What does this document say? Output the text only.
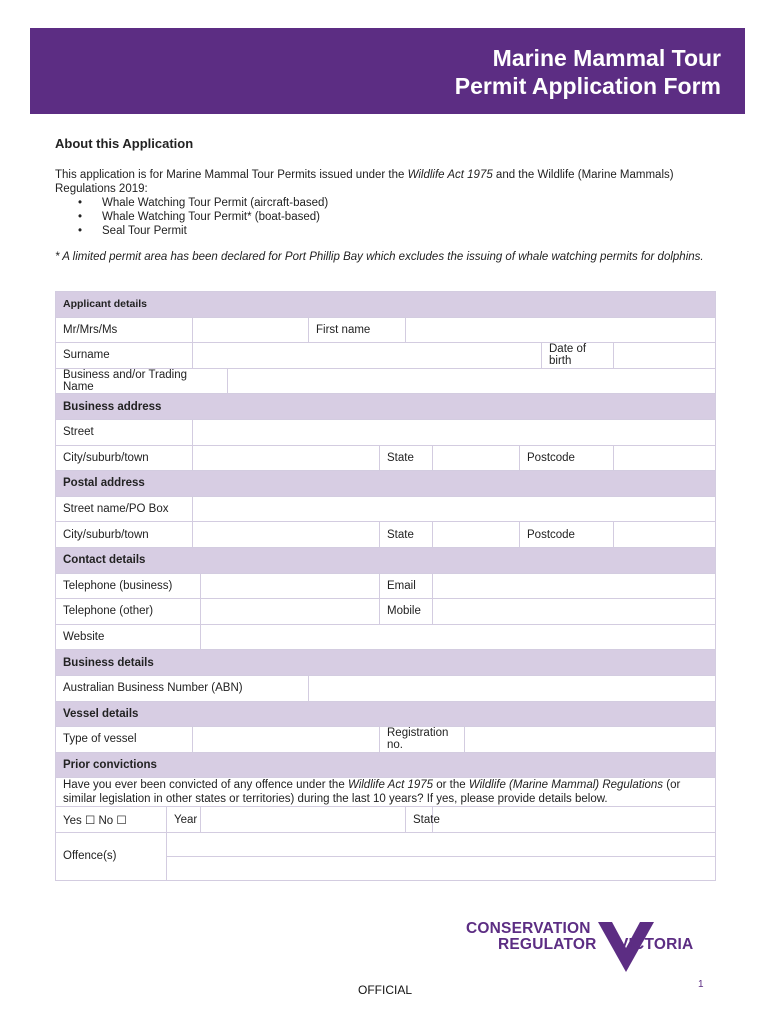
Marine Mammal Tour
Permit Application Form
About this Application
This application is for Marine Mammal Tour Permits issued under the Wildlife Act 1975 and the Wildlife (Marine Mammals) Regulations 2019:
• Whale Watching Tour Permit (aircraft-based)
• Whale Watching Tour Permit* (boat-based)
• Seal Tour Permit
* A limited permit area has been declared for Port Phillip Bay which excludes the issuing of whale watching permits for dolphins.
Applicant details												
Mr/Mrs/Ms					First name							
Surname											Date of birth	
Business and/or Trading Name												
Business address												
Street												
City/suburb/town						State				Postcode		
Postal address												
Street name/PO Box												
City/suburb/town						State				Postcode		
Contact details												
Telephone (business)						Email						
Telephone (other)						Mobile						
Website												
Business details												
Australian Business Number (ABN)												
Vessel details												
Type of vessel						Registration no.						
Prior convictions												
Have you ever been convicted of any offence under the Wildlife Act 1975 or the Wildlife (Marine Mammal) Regulations (or similar legislation in other states or territories) during the last 10 years? If yes, please provide details below.												
Yes ☐ No ☐	Year						State					
Offence(s)												

CONSERVATION
REGULATOR VICTORIA
OFFICIAL	1
